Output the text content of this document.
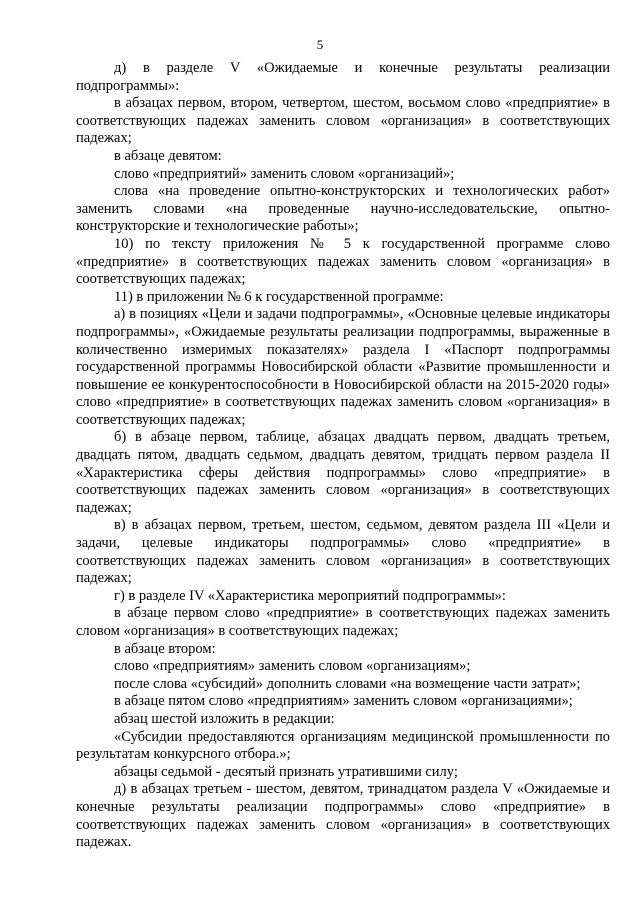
5

д) в разделе V «Ожидаемые и конечные результаты реализации подпрограммы»:

в абзацах первом, втором, четвертом, шестом, восьмом слово «предприятие» в соответствующих падежах заменить словом «организация» в соответствующих падежах;

в абзаце девятом:

слово «предприятий» заменить словом «организаций»;

слова «на проведение опытно-конструкторских и технологических работ» заменить словами «на проведенные научно-исследовательские, опытно-конструкторские и технологические работы»;

10) по тексту приложения № 5 к государственной программе слово «предприятие» в соответствующих падежах заменить словом «организация» в соответствующих падежах;

11) в приложении № 6 к государственной программе:

а) в позициях «Цели и задачи подпрограммы», «Основные целевые индикаторы подпрограммы», «Ожидаемые результаты реализации подпрограммы, выраженные в количественно измеримых показателях» раздела I «Паспорт подпрограммы государственной программы Новосибирской области «Развитие промышленности и повышение ее конкурентоспособности в Новосибирской области на 2015-2020 годы» слово «предприятие» в соответствующих падежах заменить словом «организация» в соответствующих падежах;

б) в абзаце первом, таблице, абзацах двадцать первом, двадцать третьем, двадцать пятом, двадцать седьмом, двадцать девятом, тридцать первом раздела II «Характеристика сферы действия подпрограммы» слово «предприятие» в соответствующих падежах заменить словом «организация» в соответствующих падежах;

в) в абзацах первом, третьем, шестом, седьмом, девятом раздела III «Цели и задачи, целевые индикаторы подпрограммы» слово «предприятие» в соответствующих падежах заменить словом «организация» в соответствующих падежах;

г) в разделе IV «Характеристика мероприятий подпрограммы»:

в абзаце первом слово «предприятие» в соответствующих падежах заменить словом «организация» в соответствующих падежах;

в абзаце втором:

слово «предприятиям» заменить словом «организациям»;

после слова «субсидий» дополнить словами «на возмещение части затрат»;

в абзаце пятом слово «предприятиям» заменить словом «организациями»;

абзац шестой изложить в редакции:

«Субсидии предоставляются организациям медицинской промышленности по результатам конкурсного отбора.»;

абзацы седьмой - десятый признать утратившими силу;

д) в абзацах третьем - шестом, девятом, тринадцатом раздела V «Ожидаемые и конечные результаты реализации подпрограммы» слово «предприятие» в соответствующих падежах заменить словом «организация» в соответствующих падежах.
